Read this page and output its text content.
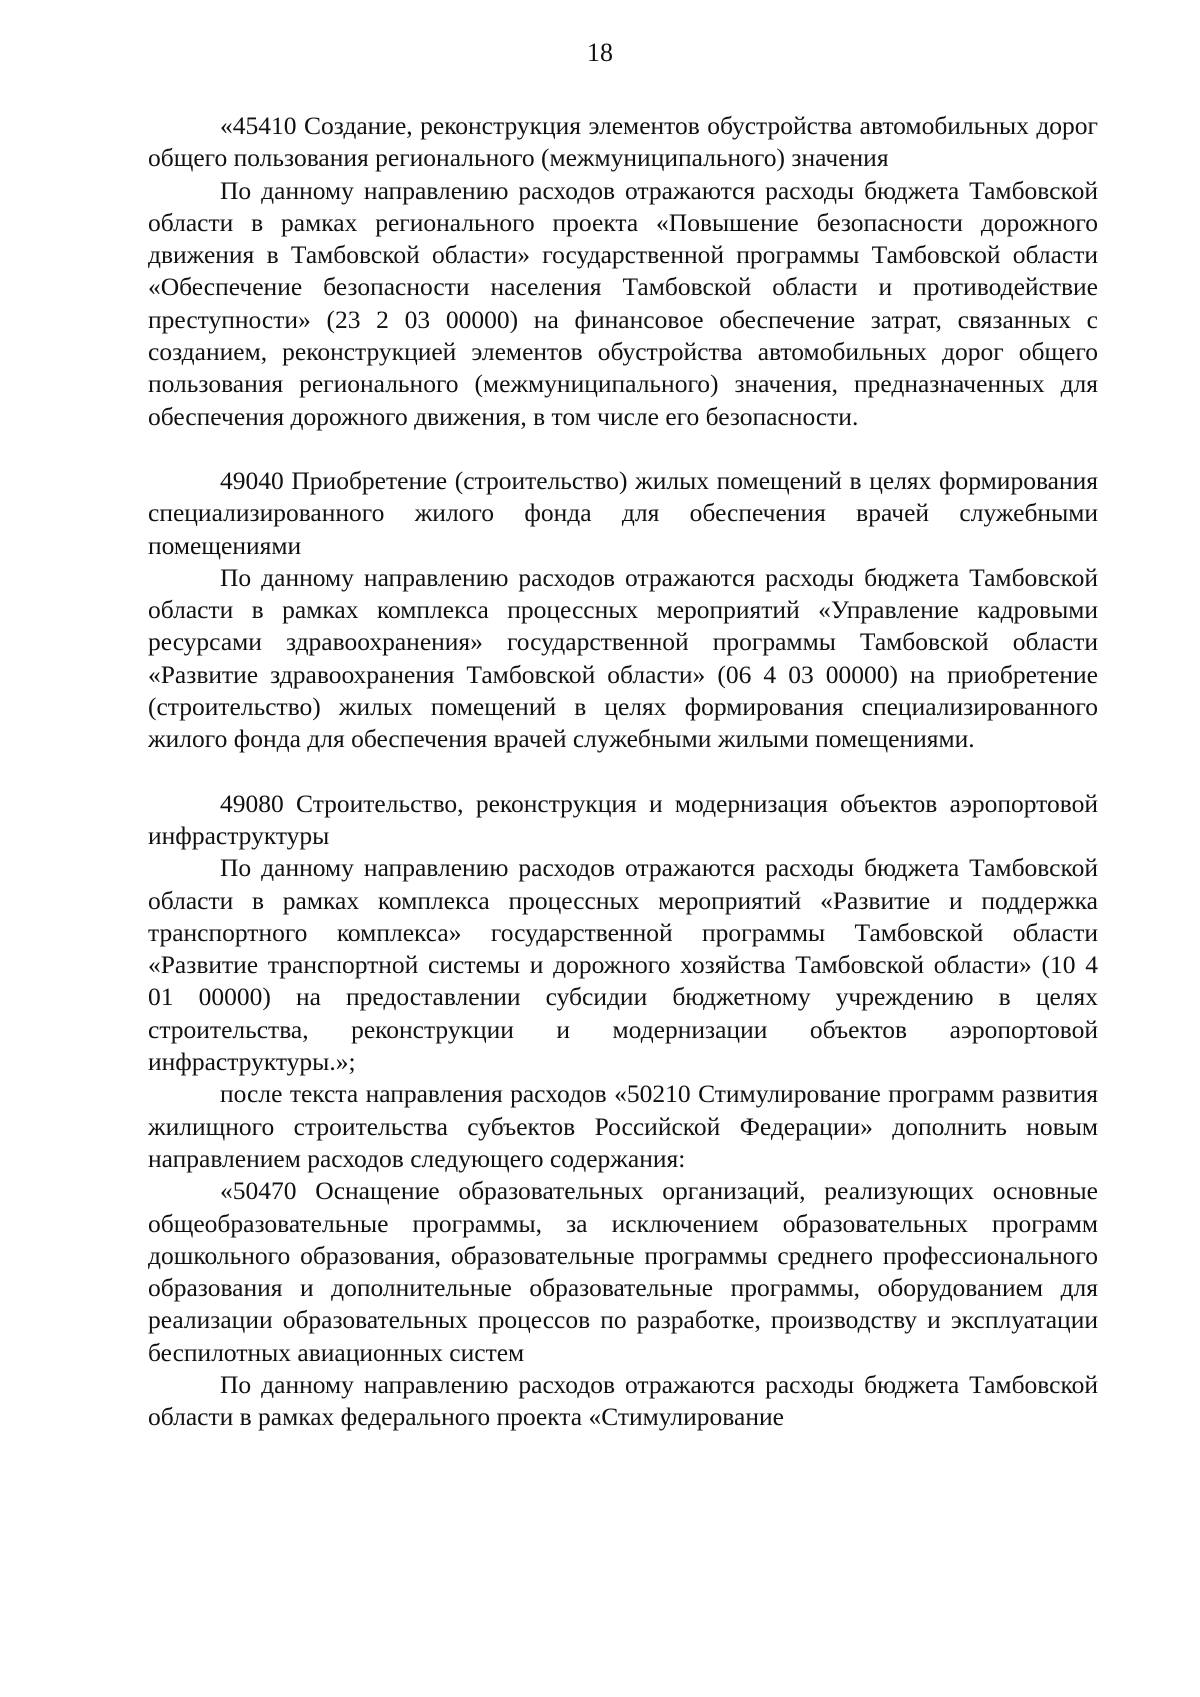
18

«45410 Создание, реконструкция элементов обустройства автомобильных дорог общего пользования регионального (межмуниципального) значения

По данному направлению расходов отражаются расходы бюджета Тамбовской области в рамках регионального проекта «Повышение безопасности дорожного движения в Тамбовской области» государственной программы Тамбовской области «Обеспечение безопасности населения Тамбовской области и противодействие преступности» (23 2 03 00000) на финансовое обеспечение затрат, связанных с созданием, реконструкцией элементов обустройства автомобильных дорог общего пользования регионального (межмуниципального) значения, предназначенных для обеспечения дорожного движения, в том числе его безопасности.

49040 Приобретение (строительство) жилых помещений в целях формирования специализированного жилого фонда для обеспечения врачей служебными помещениями

По данному направлению расходов отражаются расходы бюджета Тамбовской области в рамках комплекса процессных мероприятий «Управление кадровыми ресурсами здравоохранения» государственной программы Тамбовской области «Развитие здравоохранения Тамбовской области» (06 4 03 00000) на приобретение (строительство) жилых помещений в целях формирования специализированного жилого фонда для обеспечения врачей служебными жилыми помещениями.

49080 Строительство, реконструкция и модернизация объектов аэропортовой инфраструктуры

По данному направлению расходов отражаются расходы бюджета Тамбовской области в рамках комплекса процессных мероприятий «Развитие и поддержка транспортного комплекса» государственной программы Тамбовской области «Развитие транспортной системы и дорожного хозяйства Тамбовской области» (10 4 01 00000) на предоставлении субсидии бюджетному учреждению в целях строительства, реконструкции и модернизации объектов аэропортовой инфраструктуры.»;

после текста направления расходов «50210 Стимулирование программ развития жилищного строительства субъектов Российской Федерации» дополнить новым направлением расходов следующего содержания:

«50470 Оснащение образовательных организаций, реализующих основные общеобразовательные программы, за исключением образовательных программ дошкольного образования, образовательные программы среднего профессионального образования и дополнительные образовательные программы, оборудованием для реализации образовательных процессов по разработке, производству и эксплуатации беспилотных авиационных систем

По данному направлению расходов отражаются расходы бюджета Тамбовской области в рамках федерального проекта «Стимулирование
